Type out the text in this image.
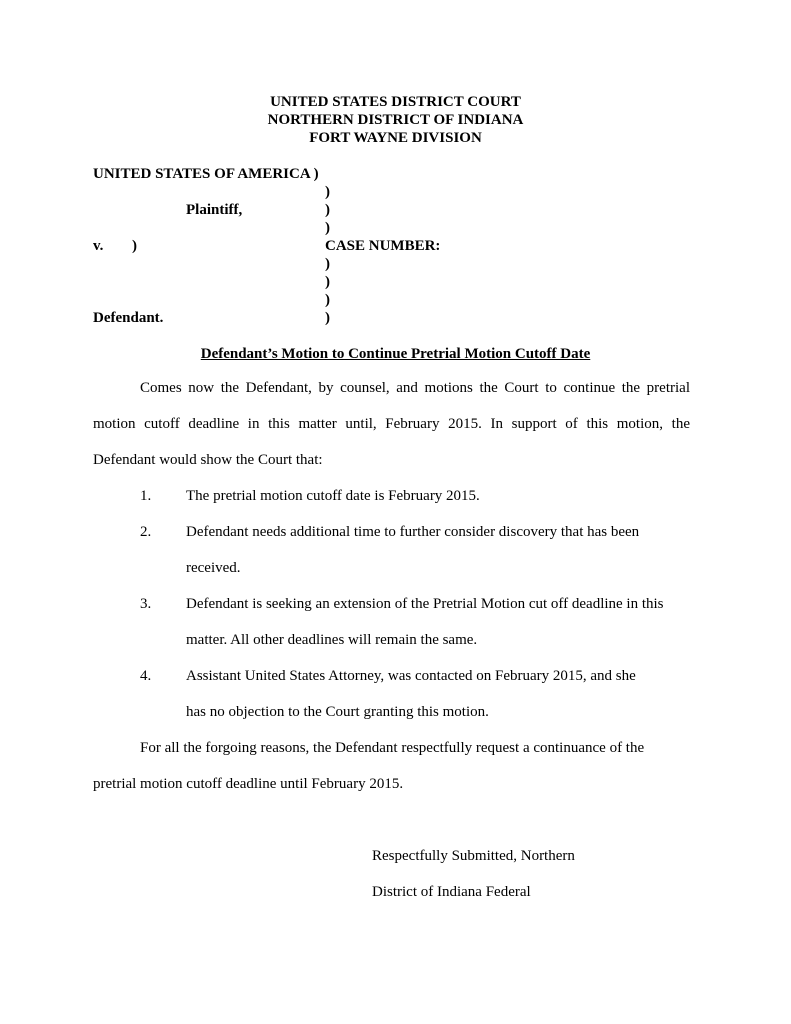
UNITED STATES DISTRICT COURT
NORTHERN DISTRICT OF INDIANA
FORT WAYNE DIVISION
UNITED STATES OF AMERICA )
)
Plaintiff,	)
)
v. )	CASE NUMBER:
)
)
)
Defendant.	)
Defendant’s Motion to Continue Pretrial Motion Cutoff Date
Comes now the Defendant, by counsel, and motions the Court to continue the pretrial
motion cutoff deadline in this matter until, February 2015. In support of this motion, the
Defendant would show the Court that:
1. The pretrial motion cutoff date is February 2015.
2. Defendant needs additional time to further consider discovery that has been
received.
3. Defendant is seeking an extension of the Pretrial Motion cut off deadline in this
matter. All other deadlines will remain the same.
4. Assistant United States Attorney, was contacted on February 2015, and she
has no objection to the Court granting this motion.
For all the forgoing reasons, the Defendant respectfully request a continuance of the
pretrial motion cutoff deadline until February 2015.
Respectfully Submitted, Northern
District of Indiana Federal
